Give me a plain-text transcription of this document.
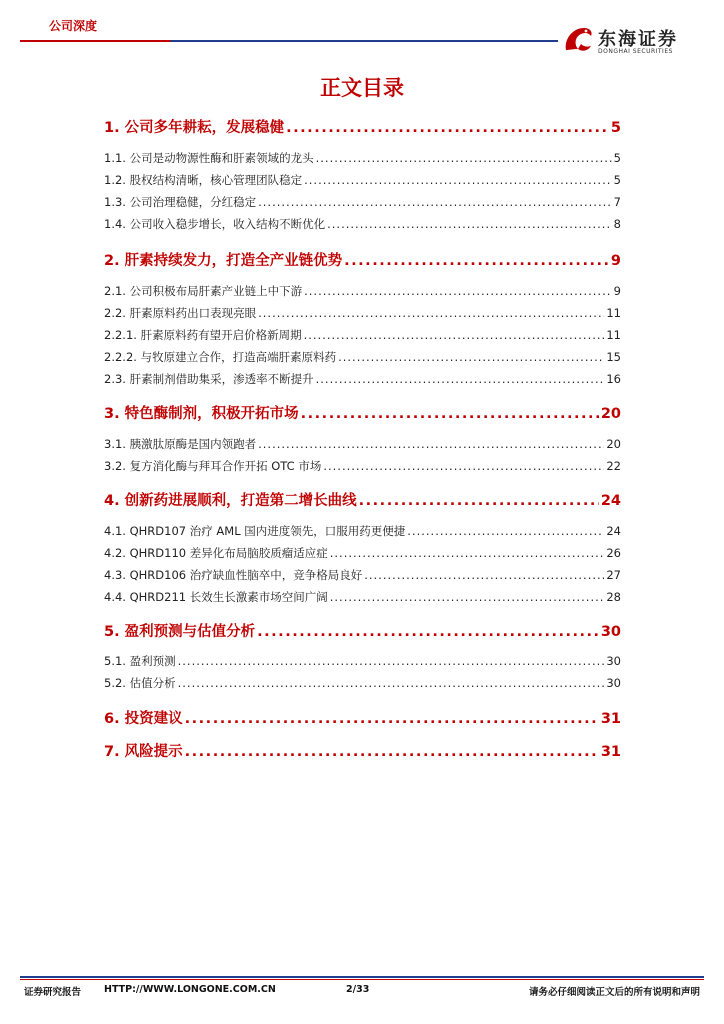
公司深度
东海证券
DONGHAI SECURITIES
正文目录
1. 公司多年耕耘，发展稳健 .....	5
1.1. 公司是动物源性酶和肝素领域的龙头 .....	5
1.2. 股权结构清晰，核心管理团队稳定 .....	5
1.3. 公司治理稳健，分红稳定 .....	7
1.4. 公司收入稳步增长，收入结构不断优化 .....	8
2. 肝素持续发力，打造全产业链优势 .....	9
2.1. 公司积极布局肝素产业链上中下游 .....	9
2.2. 肝素原料药出口表现亮眼 .....	11
2.2.1. 肝素原料药有望开启价格新周期 .....	11
2.2.2. 与牧原建立合作，打造高端肝素原料药 .....	15
2.3. 肝素制剂借助集采，渗透率不断提升 .....	16
3. 特色酶制剂，积极开拓市场 .....	20
3.1. 胰激肽原酶是国内领跑者 .....	20
3.2. 复方消化酶与拜耳合作开拓 OTC 市场 .....	22
4. 创新药进展顺利，打造第二增长曲线 .....	24
4.1. QHRD107 治疗 AML 国内进度领先，口服用药更便捷 .....	24
4.2. QHRD110 差异化布局脑胶质瘤适应症 .....	26
4.3. QHRD106 治疗缺血性脑卒中，竞争格局良好 .....	27
4.4. QHRD211 长效生长激素市场空间广阔 .....	28
5. 盈利预测与估值分析 .....	30
5.1. 盈利预测 .....	30
5.2. 估值分析 .....	30
6. 投资建议 .....	31
7. 风险提示 .....	31
证券研究报告 HTTP://WWW.LONGONE.COM.CN	2/33	请务必仔细阅读正文后的所有说明和声明
